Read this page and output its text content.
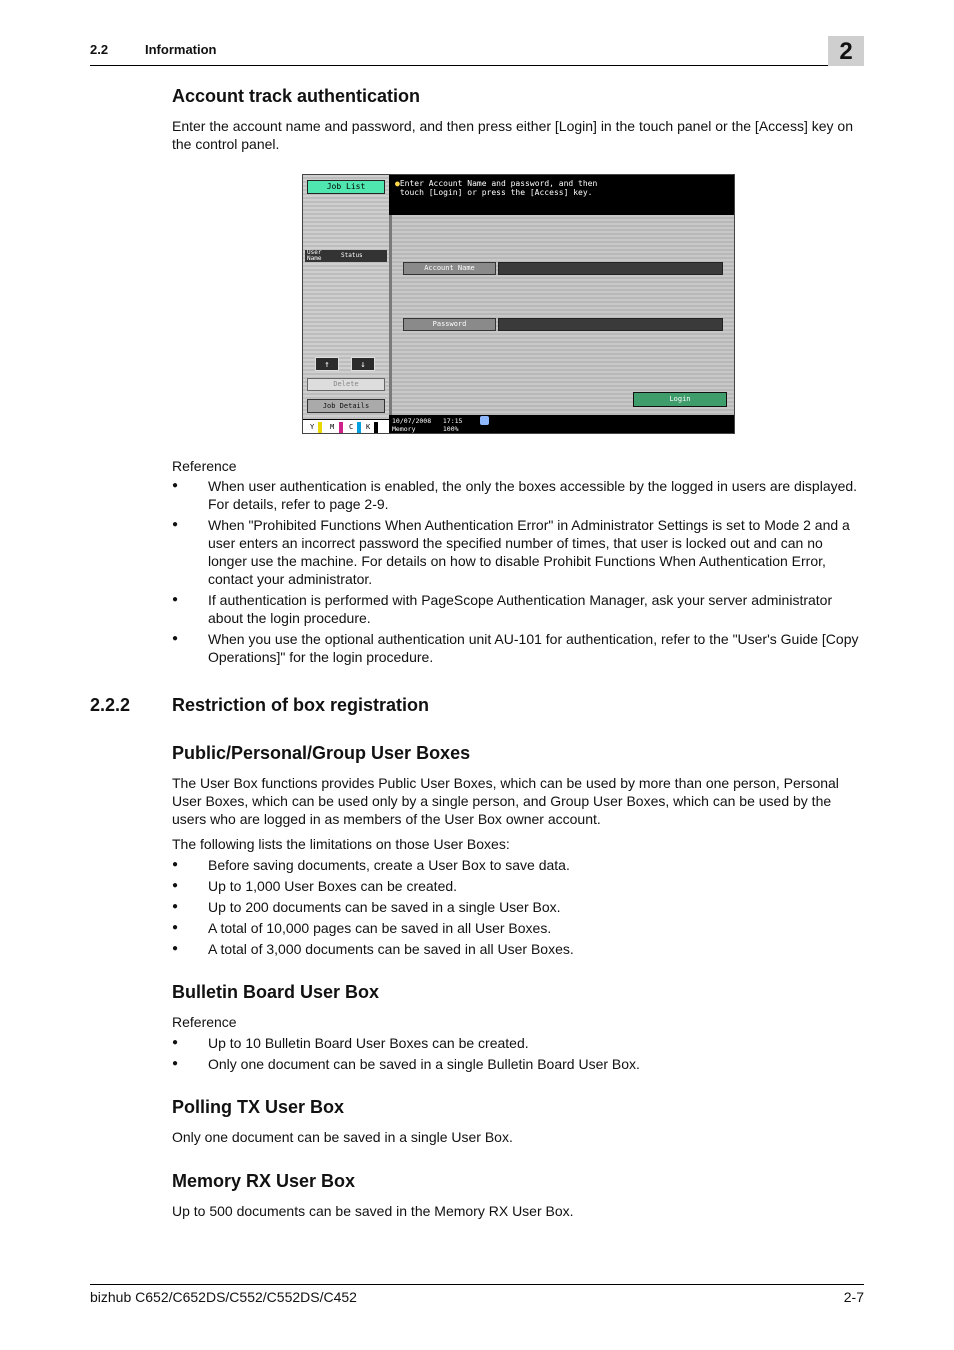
2.2	Information	2
Account track authentication

Enter the account name and password, and then press either [Login] in the touch panel or the [Access] key on the control panel.

●Enter Account Name and password, and then
touch [Login] or press the [Access] key.
Job List
User
Name	Status
↑	↓
Delete
Job Details
Account Name
Password
Login
10/07/2008   17:15
Memory       100%
Y M C K

Reference

● When user authentication is enabled, the only the boxes accessible by the logged in users are displayed. For details, refer to page 2-9.
● When "Prohibited Functions When Authentication Error" in Administrator Settings is set to Mode 2 and a user enters an incorrect password the specified number of times, that user is locked out and can no longer use the machine. For details on how to disable Prohibit Functions When Authentication Error, contact your administrator.
● If authentication is performed with PageScope Authentication Manager, ask your server administrator about the login procedure.
● When you use the optional authentication unit AU-101 for authentication, refer to the "User's Guide [Copy Operations]" for the login procedure.
2.2.2 Restriction of box registration
Public/Personal/Group User Boxes

The User Box functions provides Public User Boxes, which can be used by more than one person, Personal User Boxes, which can be used only by a single person, and Group User Boxes, which can be used by the users who are logged in as members of the User Box owner account.

The following lists the limitations on those User Boxes:

● Before saving documents, create a User Box to save data.
● Up to 1,000 User Boxes can be created.
● Up to 200 documents can be saved in a single User Box.
● A total of 10,000 pages can be saved in all User Boxes.
● A total of 3,000 documents can be saved in all User Boxes.
Bulletin Board User Box

Reference

● Up to 10 Bulletin Board User Boxes can be created.
● Only one document can be saved in a single Bulletin Board User Box.
Polling TX User Box

Only one document can be saved in a single User Box.

Memory RX User Box

Up to 500 documents can be saved in the Memory RX User Box.

bizhub C652/C652DS/C552/C552DS/C452	2-7
